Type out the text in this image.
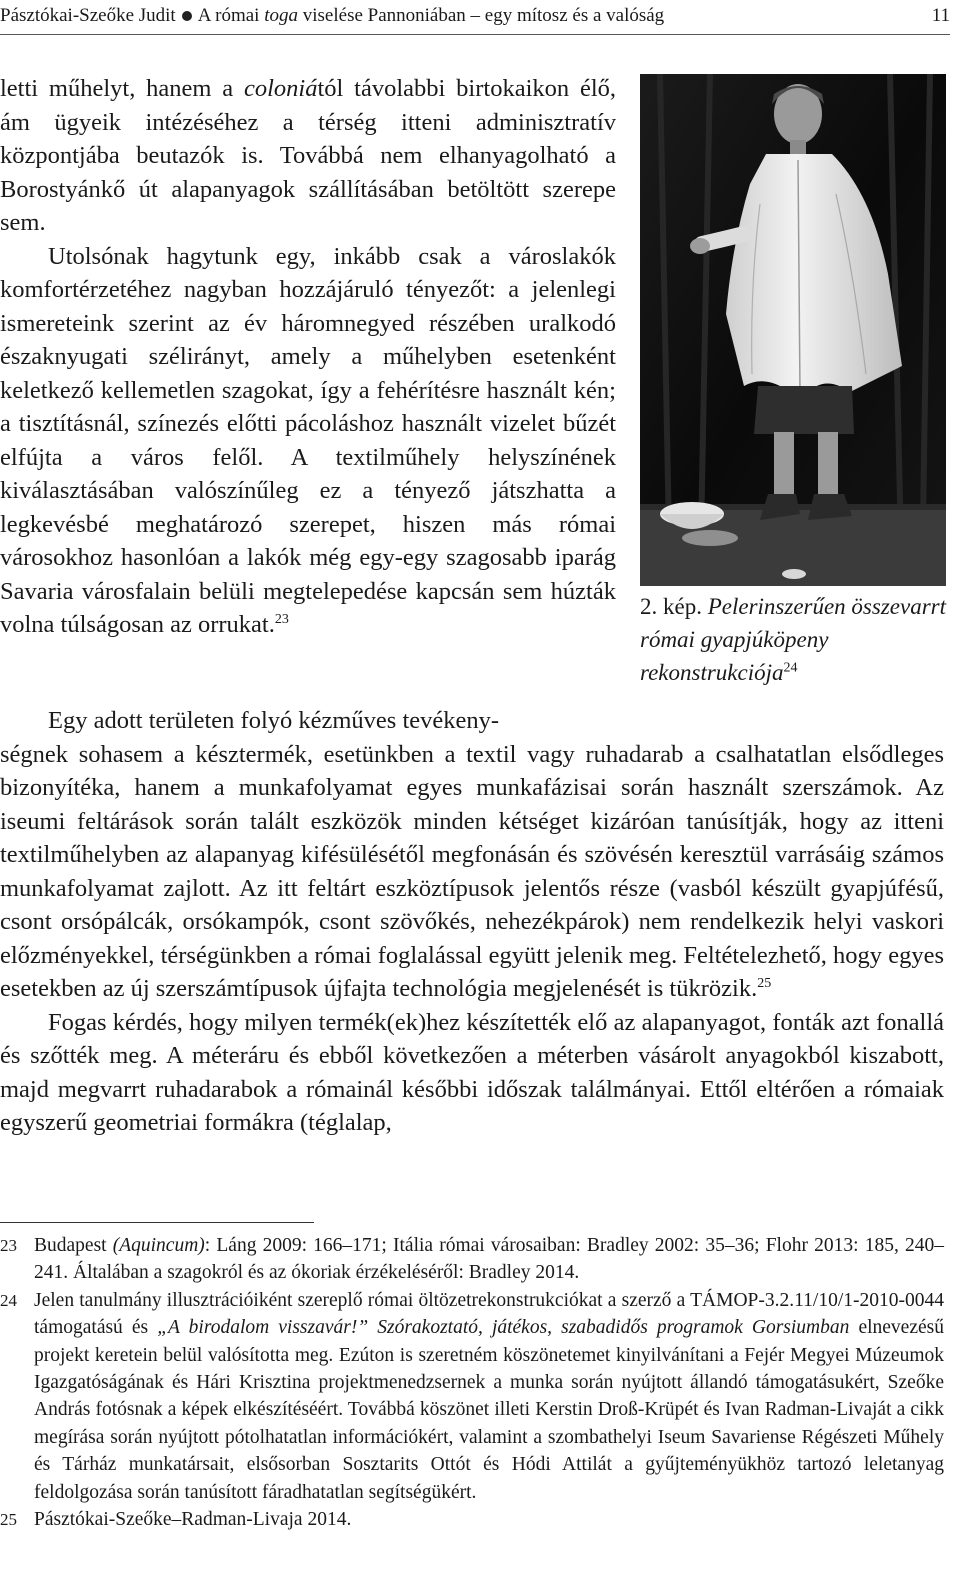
Pásztókai-Szeőke Judit A római toga viselése Pannoniában – egy mítosz és a valóság	11

letti műhelyt, hanem a coloniától távolabbi birtokaikon élő, ám ügyeik intézéséhez a térség itteni adminisztratív központjába beutazók is. Továbbá nem elhanyagolható a Borostyánkő út alapanyagok szállításában betöltött szerepe sem.

Utolsónak hagytunk egy, inkább csak a városlakók komfortérzetéhez nagyban hozzájáruló tényezőt: a jelenlegi ismereteink szerint az év háromnegyed részében uralkodó északnyugati szélirányt, amely a műhelyben esetenként keletkező kellemetlen szagokat, így a fehérítésre használt kén; a tisztításnál, színezés előtti pácoláshoz használt vizelet bűzét elfújta a város felől. A textilműhely helyszínének kiválasztásában valószínűleg ez a tényező játszhatta a legkevésbé meghatározó szerepet, hiszen más római városokhoz hasonlóan a lakók még egy-egy szagosabb iparág Savaria városfalain belüli megtelepedése kapcsán sem húzták volna túlságosan az orrukat.$^{23}$

2. kép. Pelerinszerűen összevarrt római gyapjúköpeny rekonstrukciója$^{24}$

Egy adott területen folyó kézműves tevékeny-

ségnek sohasem a késztermék, esetünkben a textil vagy ruhadarab a csalhatatlan elsődleges bizonyítéka, hanem a munkafolyamat egyes munkafázisai során használt szerszámok. Az iseumi feltárások során talált eszközök minden kétséget kizáróan tanúsítják, hogy az itteni textilműhelyben az alapanyag kifésülésétől megfonásán és szövésén keresztül varrásáig számos munkafolyamat zajlott. Az itt feltárt eszköztípusok jelentős része (vasból készült gyapjúfésű, csont orsópálcák, orsókampók, csont szövőkés, nehezékpárok) nem rendelkezik helyi vaskori előzményekkel, térségünkben a római foglalással együtt jelenik meg. Feltételezhető, hogy egyes esetekben az új szerszámtípusok újfajta technológia megjelenését is tükrözik.$^{25}$

Fogas kérdés, hogy milyen termék(ek)hez készítették elő az alapanyagot, fonták azt fonallá és szőtték meg. A méteráru és ebből következően a méterben vásárolt anyagokból kiszabott, majd megvarrt ruhadarabok a rómainál későbbi időszak találmányai. Ettől eltérően a rómaiak egyszerű geometriai formákra (téglalap,

23 Budapest (Aquincum): Láng 2009: 166–171; Itália római városaiban: Bradley 2002: 35–36; Flohr 2013: 185, 240–241. Általában a szagokról és az ókoriak érzékeléséről: Bradley 2014.

24 Jelen tanulmány illusztrációiként szereplő római öltözetrekonstrukciókat a szerző a TÁMOP-3.2.11/10/1-2010-0044 támogatású és „A birodalom visszavár!” Szórakoztató, játékos, szabadidős programok Gorsiumban elnevezésű projekt keretein belül valósította meg. Ezúton is szeretném köszönetemet kinyilvánítani a Fejér Megyei Múzeumok Igazgatóságának és Hári Krisztina projektmenedzsernek a munka során nyújtott állandó támogatásukért, Szeőke András fotósnak a képek elkészítéséért. Továbbá köszönet illeti Kerstin Droß-Krüpét és Ivan Radman-Livaját a cikk megírása során nyújtott pótolhatatlan információkért, valamint a szombathelyi Iseum Savariense Régészeti Műhely és Tárház munkatársait, elsősorban Sosztarits Ottót és Hódi Attilát a gyűjteményükhöz tartozó leletanyag feldolgozása során tanúsított fáradhatatlan segítségükért.

25 Pásztókai-Szeőke–Radman-Livaja 2014.
